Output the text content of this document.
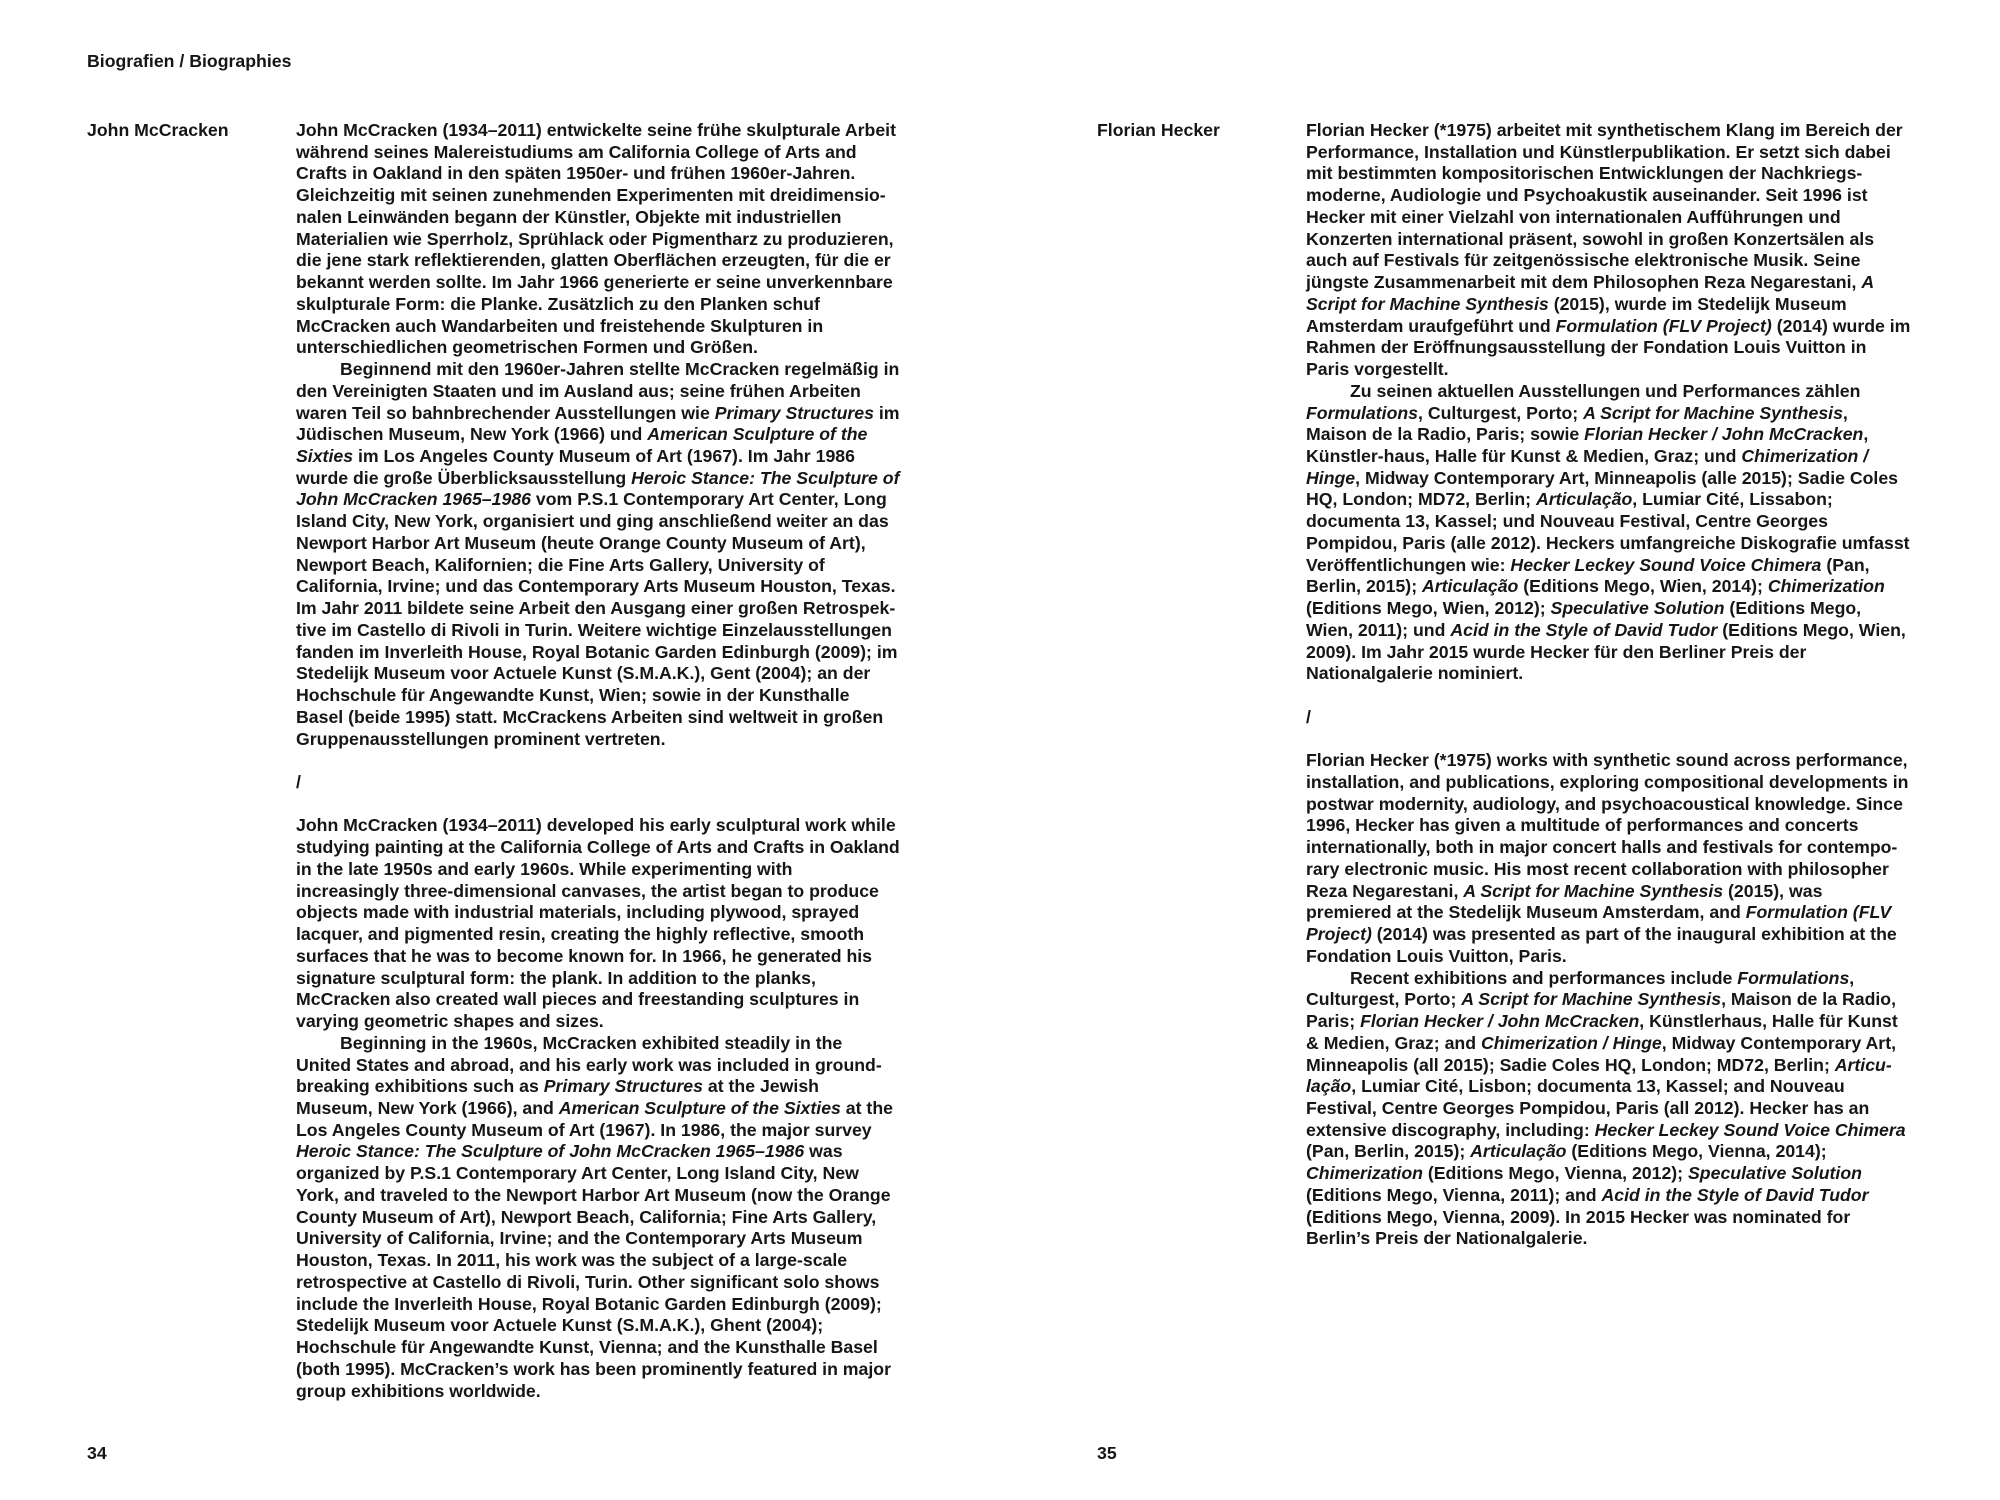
Biografien / Biographies
John McCracken	John McCracken (1934–2011) entwickelte seine frühe skulpturale Arbeit während seines Malereistudiums am California College of Arts and Crafts in Oakland in den späten 1950er- und frühen 1960er-Jahren. Gleichzeitig mit seinen zunehmenden Experimenten mit dreidimensio-nalen Leinwänden begann der Künstler, Objekte mit industriellen Materialien wie Sperrholz, Sprühlack oder Pigmentharz zu produzieren, die jene stark reflektierenden, glatten Oberflächen erzeugten, für die er bekannt werden sollte. Im Jahr 1966 generierte er seine unverkennbare skulpturale Form: die Planke. Zusätzlich zu den Planken schuf McCracken auch Wandarbeiten und freistehende Skulpturen in unterschiedlichen geometrischen Formen und Größen.

Beginnend mit den 1960er-Jahren stellte McCracken regelmäßig in den Vereinigten Staaten und im Ausland aus; seine frühen Arbeiten waren Teil so bahnbrechender Ausstellungen wie Primary Structures im Jüdischen Museum, New York (1966) und American Sculpture of the Sixties im Los Angeles County Museum of Art (1967). Im Jahr 1986 wurde die große Überblicksausstellung Heroic Stance: The Sculpture of John McCracken 1965–1986 vom P.S.1 Contemporary Art Center, Long Island City, New York, organisiert und ging anschließend weiter an das Newport Harbor Art Museum (heute Orange County Museum of Art), Newport Beach, Kalifornien; die Fine Arts Gallery, University of California, Irvine; und das Contemporary Arts Museum Houston, Texas. Im Jahr 2011 bildete seine Arbeit den Ausgang einer großen Retrospek-tive im Castello di Rivoli in Turin. Weitere wichtige Einzelausstellungen fanden im Inverleith House, Royal Botanic Garden Edinburgh (2009); im Stedelijk Museum voor Actuele Kunst (S.M.A.K.), Gent (2004); an der Hochschule für Angewandte Kunst, Wien; sowie in der Kunsthalle Basel (beide 1995) statt. McCrackens Arbeiten sind weltweit in großen Gruppenausstellungen prominent vertreten.

/

John McCracken (1934–2011) developed his early sculptural work while studying painting at the California College of Arts and Crafts in Oakland in the late 1950s and early 1960s. While experimenting with increasingly three-dimensional canvases, the artist began to produce objects made with industrial materials, including plywood, sprayed lacquer, and pigmented resin, creating the highly reflective, smooth surfaces that he was to become known for. In 1966, he generated his signature sculptural form: the plank. In addition to the planks, McCracken also created wall pieces and freestanding sculptures in varying geometric shapes and sizes.

Beginning in the 1960s, McCracken exhibited steadily in the United States and abroad, and his early work was included in ground-breaking exhibitions such as Primary Structures at the Jewish Museum, New York (1966), and American Sculpture of the Sixties at the Los Angeles County Museum of Art (1967). In 1986, the major survey Heroic Stance: The Sculpture of John McCracken 1965–1986 was organized by P.S.1 Contemporary Art Center, Long Island City, New York, and traveled to the Newport Harbor Art Museum (now the Orange County Museum of Art), Newport Beach, California; Fine Arts Gallery, University of California, Irvine; and the Contemporary Arts Museum Houston, Texas. In 2011, his work was the subject of a large-scale retrospective at Castello di Rivoli, Turin. Other significant solo shows include the Inverleith House, Royal Botanic Garden Edinburgh (2009); Stedelijk Museum voor Actuele Kunst (S.M.A.K.), Ghent (2004); Hochschule für Angewandte Kunst, Vienna; and the Kunsthalle Basel (both 1995). McCracken’s work has been prominently featured in major group exhibitions worldwide.

Florian Hecker	Florian Hecker (*1975) arbeitet mit synthetischem Klang im Bereich der Performance, Installation und Künstlerpublikation. Er setzt sich dabei mit bestimmten kompositorischen Entwicklungen der Nachkriegs-moderne, Audiologie und Psychoakustik auseinander. Seit 1996 ist Hecker mit einer Vielzahl von internationalen Aufführungen und Konzerten international präsent, sowohl in großen Konzertsälen als auch auf Festivals für zeitgenössische elektronische Musik. Seine jüngste Zusammenarbeit mit dem Philosophen Reza Negarestani, A Script for Machine Synthesis (2015), wurde im Stedelijk Museum Amsterdam uraufgeführt und Formulation (FLV Project) (2014) wurde im Rahmen der Eröffnungsausstellung der Fondation Louis Vuitton in Paris vorgestellt.

Zu seinen aktuellen Ausstellungen und Performances zählen Formulations, Culturgest, Porto; A Script for Machine Synthesis, Maison de la Radio, Paris; sowie Florian Hecker / John McCracken, Künstler-haus, Halle für Kunst & Medien, Graz; und Chimerization / Hinge, Midway Contemporary Art, Minneapolis (alle 2015); Sadie Coles HQ, London; MD72, Berlin; Articulação, Lumiar Cité, Lissabon; documenta 13, Kassel; und Nouveau Festival, Centre Georges Pompidou, Paris (alle 2012). Heckers umfangreiche Diskografie umfasst Veröffentlichungen wie: Hecker Leckey Sound Voice Chimera (Pan, Berlin, 2015); Articulação (Editions Mego, Wien, 2014); Chimerization (Editions Mego, Wien, 2012); Speculative Solution (Editions Mego, Wien, 2011); und Acid in the Style of David Tudor (Editions Mego, Wien, 2009). Im Jahr 2015 wurde Hecker für den Berliner Preis der Nationalgalerie nominiert.

/

Florian Hecker (*1975) works with synthetic sound across performance, installation, and publications, exploring compositional developments in postwar modernity, audiology, and psychoacoustical knowledge. Since 1996, Hecker has given a multitude of performances and concerts internationally, both in major concert halls and festivals for contempo-rary electronic music. His most recent collaboration with philosopher Reza Negarestani, A Script for Machine Synthesis (2015), was premiered at the Stedelijk Museum Amsterdam, and Formulation (FLV Project) (2014) was presented as part of the inaugural exhibition at the Fondation Louis Vuitton, Paris.

Recent exhibitions and performances include Formulations, Culturgest, Porto; A Script for Machine Synthesis, Maison de la Radio, Paris; Florian Hecker / John McCracken, Künstlerhaus, Halle für Kunst & Medien, Graz; and Chimerization / Hinge, Midway Contemporary Art, Minneapolis (all 2015); Sadie Coles HQ, London; MD72, Berlin; Articu-lação, Lumiar Cité, Lisbon; documenta 13, Kassel; and Nouveau Festival, Centre Georges Pompidou, Paris (all 2012). Hecker has an extensive discography, including: Hecker Leckey Sound Voice Chimera (Pan, Berlin, 2015); Articulação (Editions Mego, Vienna, 2014); Chimerization (Editions Mego, Vienna, 2012); Speculative Solution (Editions Mego, Vienna, 2011); and Acid in the Style of David Tudor (Editions Mego, Vienna, 2009). In 2015 Hecker was nominated for Berlin’s Preis der Nationalgalerie.

34	35
